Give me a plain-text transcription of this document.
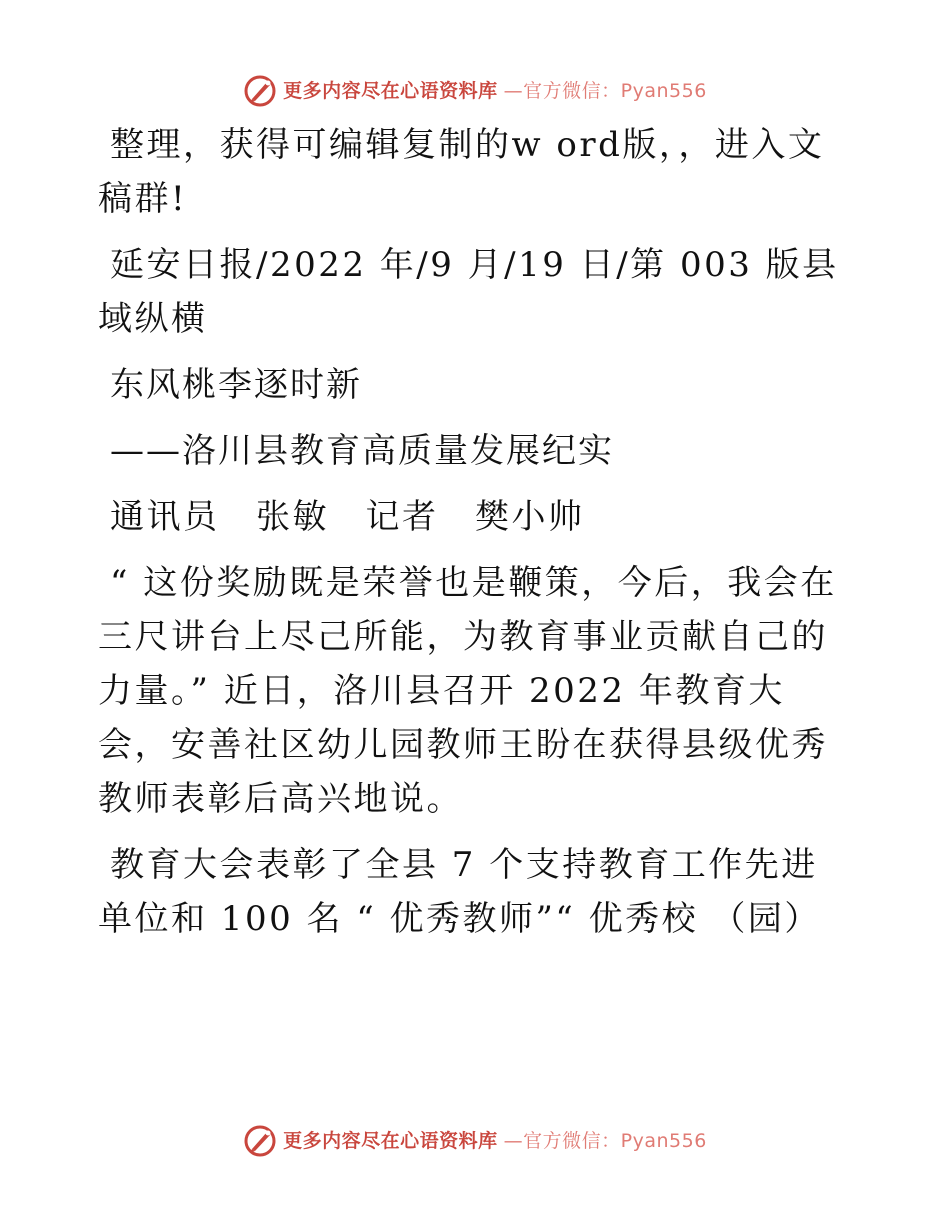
更多内容尽在心语资料库 —官方微信：Pyan556

整理，获得可编辑复制的w ord版，，进入文稿群!

延安日报/2022 年/9 月/19 日/第 003 版县域纵横

东风桃李逐时新

——洛川县教育高质量发展纪实

通讯员　张敏　记者　樊小帅

“ 这份奖励既是荣誉也是鞭策，今后，我会在三尺讲台上尽己所能，为教育事业贡献自己的力量。” 近日，洛川县召开 2022 年教育大会，安善社区幼儿园教师王盼在获得县级优秀教师表彰后高兴地说。

教育大会表彰了全县 7 个支持教育工作先进单位和 100 名 “ 优秀教师”“ 优秀校 （园）

更多内容尽在心语资料库 —官方微信：Pyan556
